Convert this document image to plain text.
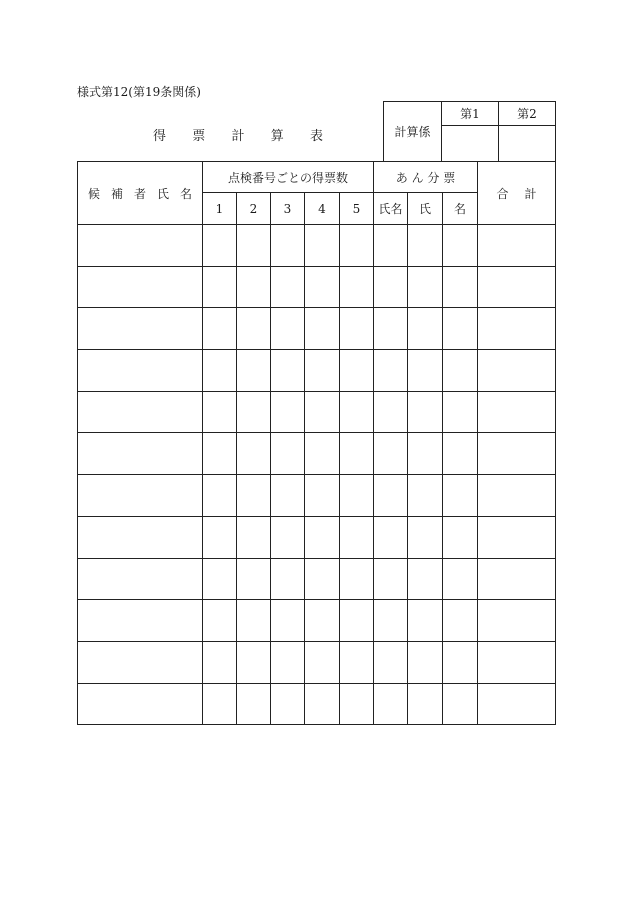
様式第12(第19条関係)
得 票 計 算 表	計算係	第1	第2

候 補 者 氏 名	点検番号ごとの得票数					あ ん 分 票			合 計

	1	2	3	4	5	氏名	氏	名	
